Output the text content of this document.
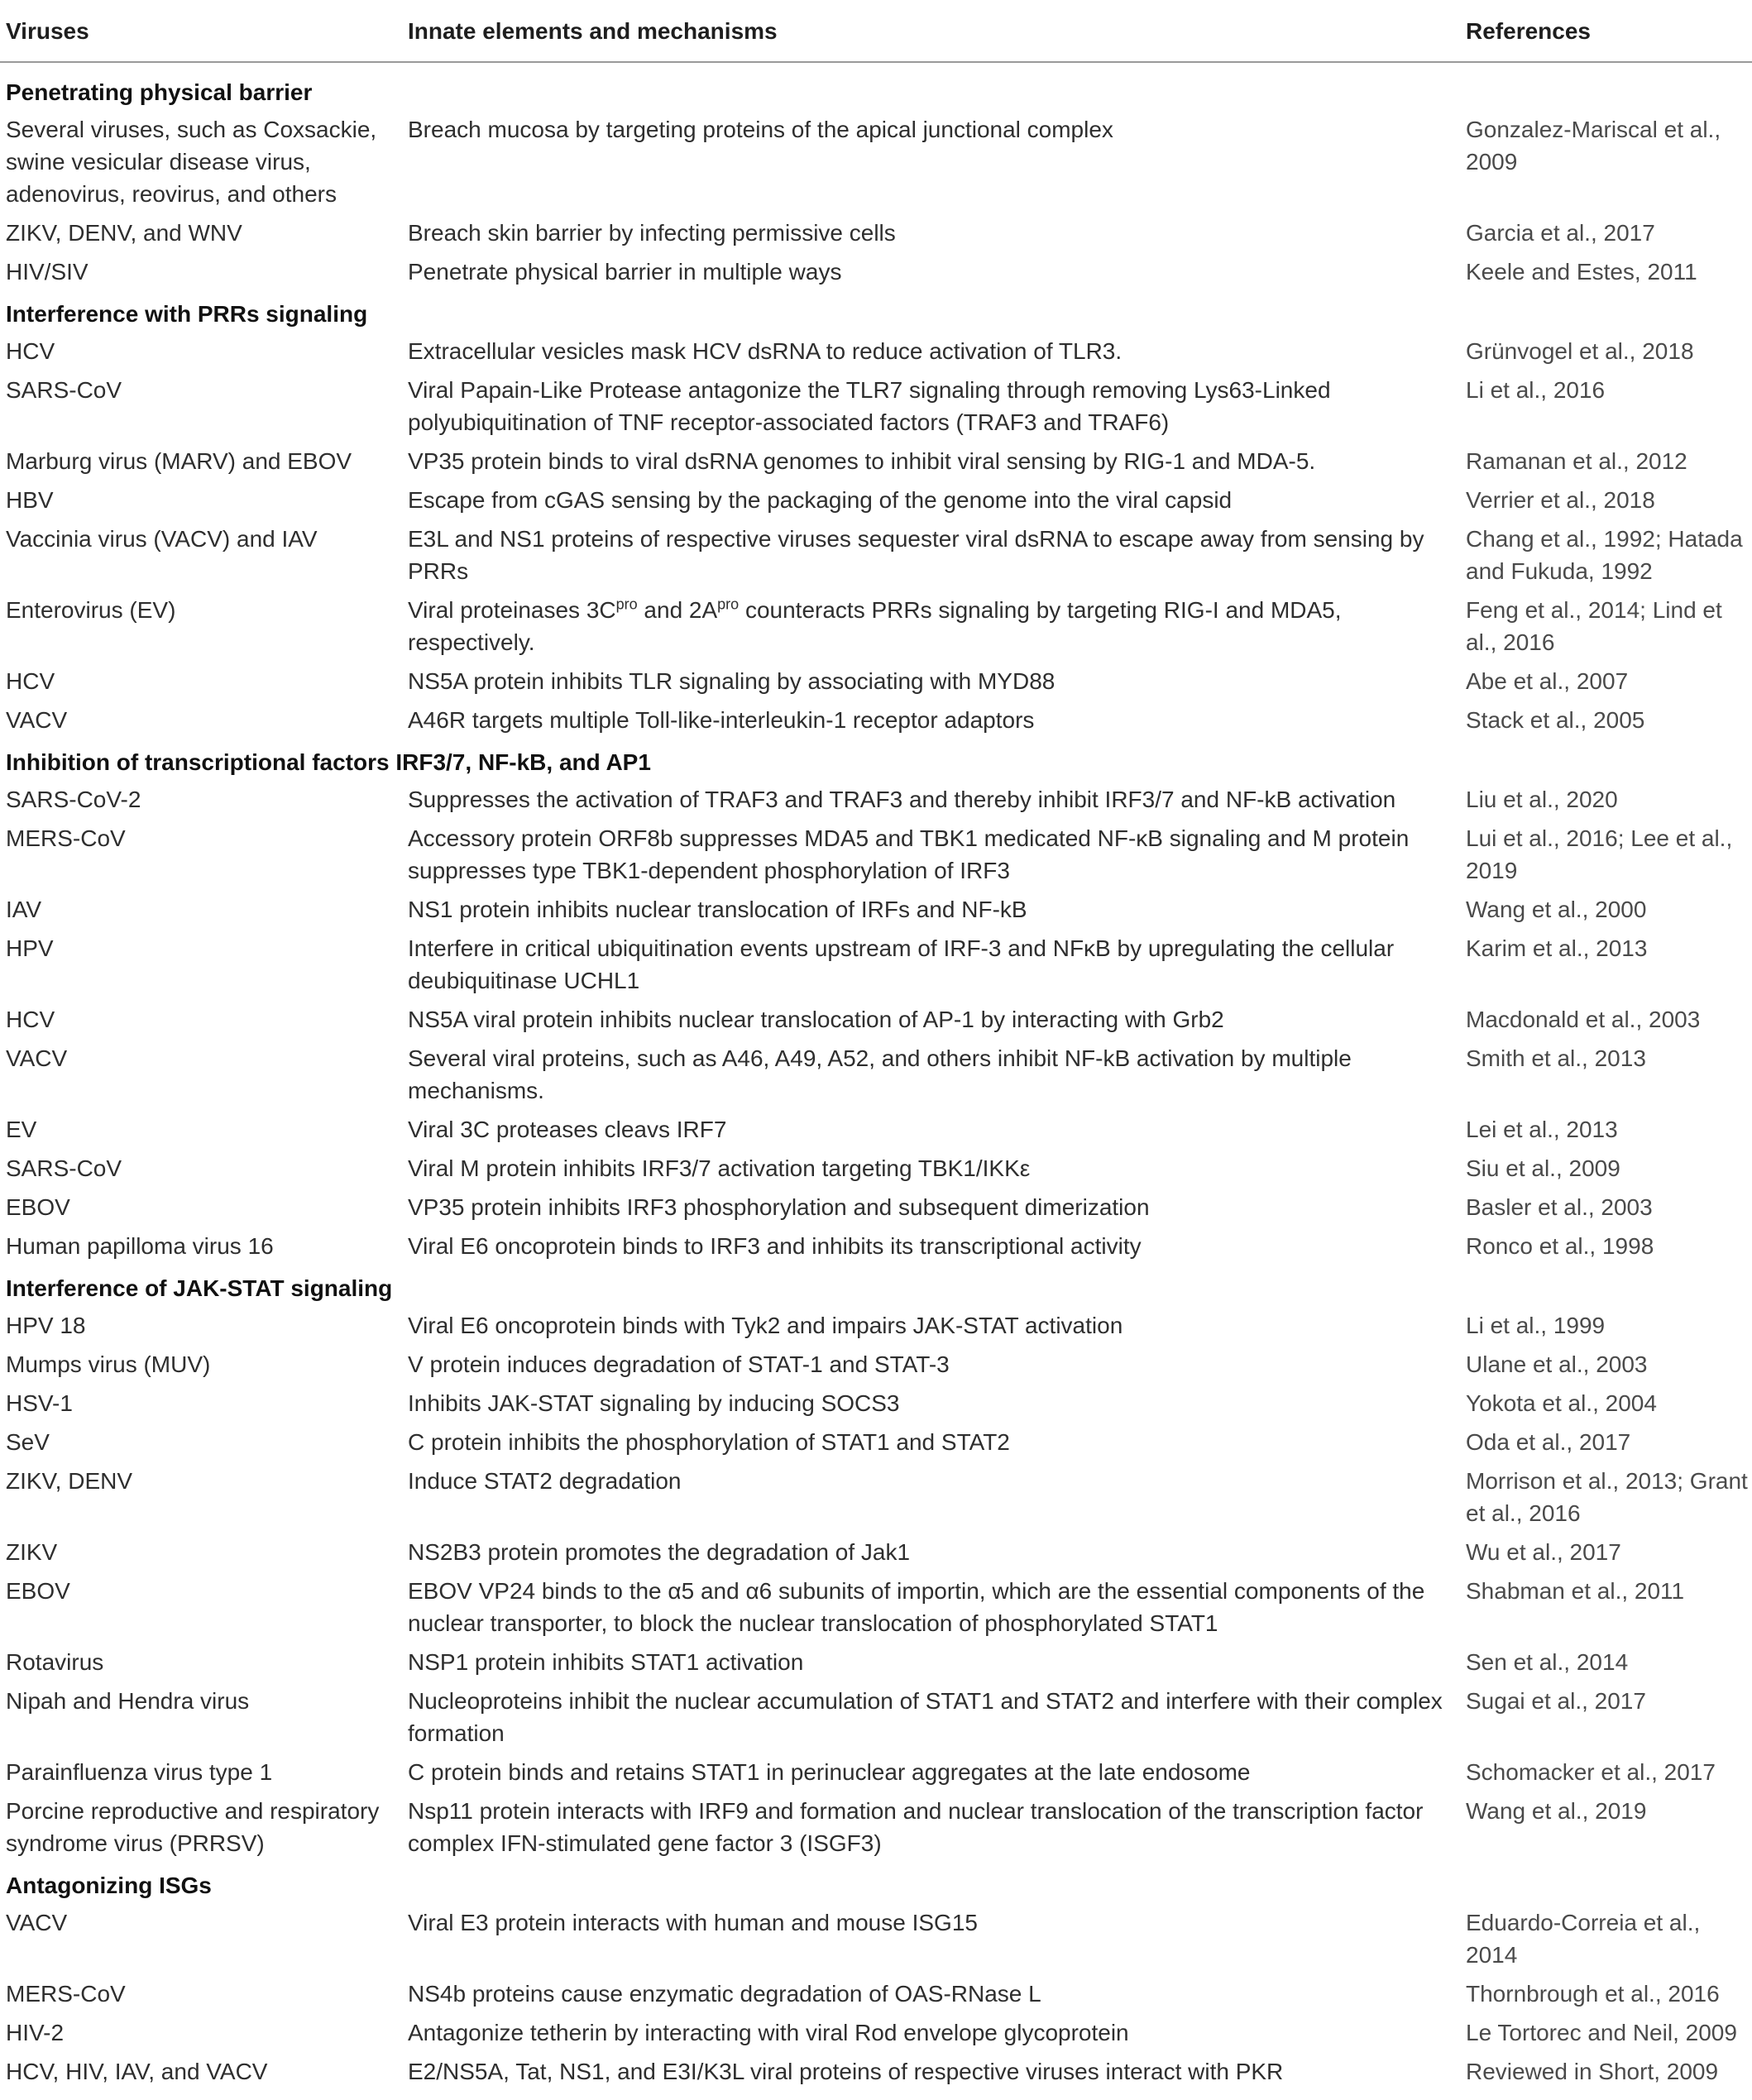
Viruses	Innate elements and mechanisms	References
Penetrating physical barrier		
Several viruses, such as Coxsackie, swine vesicular disease virus, adenovirus, reovirus, and others	Breach mucosa by targeting proteins of the apical junctional complex	Gonzalez-Mariscal et al., 2009
ZIKV, DENV, and WNV	Breach skin barrier by infecting permissive cells	Garcia et al., 2017
HIV/SIV	Penetrate physical barrier in multiple ways	Keele and Estes, 2011
Interference with PRRs signaling		
HCV	Extracellular vesicles mask HCV dsRNA to reduce activation of TLR3.	Grünvogel et al., 2018
SARS-CoV	Viral Papain-Like Protease antagonize the TLR7 signaling through removing Lys63-Linked polyubiquitination of TNF receptor-associated factors (TRAF3 and TRAF6)	Li et al., 2016
Marburg virus (MARV) and EBOV	VP35 protein binds to viral dsRNA genomes to inhibit viral sensing by RIG-1 and MDA-5.	Ramanan et al., 2012
HBV	Escape from cGAS sensing by the packaging of the genome into the viral capsid	Verrier et al., 2018
Vaccinia virus (VACV) and IAV	E3L and NS1 proteins of respective viruses sequester viral dsRNA to escape away from sensing by PRRs	Chang et al., 1992; Hatada and Fukuda, 1992
Enterovirus (EV)	Viral proteinases $3C^{pro}$ and $2A^{pro}$ counteracts PRRs signaling by targeting RIG-I and MDA5, respectively.	Feng et al., 2014; Lind et al., 2016
HCV	NS5A protein inhibits TLR signaling by associating with MYD88	Abe et al., 2007
VACV	A46R targets multiple Toll-like-interleukin-1 receptor adaptors	Stack et al., 2005
Inhibition of transcriptional factors IRF3/7, NF-kB, and AP1		
SARS-CoV-2	Suppresses the activation of TRAF3 and TRAF3 and thereby inhibit IRF3/7 and NF-kB activation	Liu et al., 2020
MERS-CoV	Accessory protein ORF8b suppresses MDA5 and TBK1 medicated NF-κB signaling and M protein suppresses type TBK1-dependent phosphorylation of IRF3	Lui et al., 2016; Lee et al., 2019
IAV	NS1 protein inhibits nuclear translocation of IRFs and NF-kB	Wang et al., 2000
HPV	Interfere in critical ubiquitination events upstream of IRF-3 and NFκB by upregulating the cellular deubiquitinase UCHL1	Karim et al., 2013
HCV	NS5A viral protein inhibits nuclear translocation of AP-1 by interacting with Grb2	Macdonald et al., 2003
VACV	Several viral proteins, such as A46, A49, A52, and others inhibit NF-kB activation by multiple mechanisms.	Smith et al., 2013
EV	Viral 3C proteases cleavs IRF7	Lei et al., 2013
SARS-CoV	Viral M protein inhibits IRF3/7 activation targeting TBK1/IKKε	Siu et al., 2009
EBOV	VP35 protein inhibits IRF3 phosphorylation and subsequent dimerization	Basler et al., 2003
Human papilloma virus 16	Viral E6 oncoprotein binds to IRF3 and inhibits its transcriptional activity	Ronco et al., 1998
Interference of JAK-STAT signaling		
HPV 18	Viral E6 oncoprotein binds with Tyk2 and impairs JAK-STAT activation	Li et al., 1999
Mumps virus (MUV)	V protein induces degradation of STAT-1 and STAT-3	Ulane et al., 2003
HSV-1	Inhibits JAK-STAT signaling by inducing SOCS3	Yokota et al., 2004
SeV	C protein inhibits the phosphorylation of STAT1 and STAT2	Oda et al., 2017
ZIKV, DENV	Induce STAT2 degradation	Morrison et al., 2013; Grant et al., 2016
ZIKV	NS2B3 protein promotes the degradation of Jak1	Wu et al., 2017
EBOV	EBOV VP24 binds to the α5 and α6 subunits of importin, which are the essential components of the nuclear transporter, to block the nuclear translocation of phosphorylated STAT1	Shabman et al., 2011
Rotavirus	NSP1 protein inhibits STAT1 activation	Sen et al., 2014
Nipah and Hendra virus	Nucleoproteins inhibit the nuclear accumulation of STAT1 and STAT2 and interfere with their complex formation	Sugai et al., 2017
Parainfluenza virus type 1	C protein binds and retains STAT1 in perinuclear aggregates at the late endosome	Schomacker et al., 2017
Porcine reproductive and respiratory syndrome virus (PRRSV)	Nsp11 protein interacts with IRF9 and formation and nuclear translocation of the transcription factor complex IFN-stimulated gene factor 3 (ISGF3)	Wang et al., 2019
Antagonizing ISGs		
VACV	Viral E3 protein interacts with human and mouse ISG15	Eduardo-Correia et al., 2014
MERS-CoV	NS4b proteins cause enzymatic degradation of OAS-RNase L	Thornbrough et al., 2016
HIV-2	Antagonize tetherin by interacting with viral Rod envelope glycoprotein	Le Tortorec and Neil, 2009
HCV, HIV, IAV, and VACV	E2/NS5A, Tat, NS1, and E3I/K3L viral proteins of respective viruses interact with PKR	Reviewed in Short, 2009
